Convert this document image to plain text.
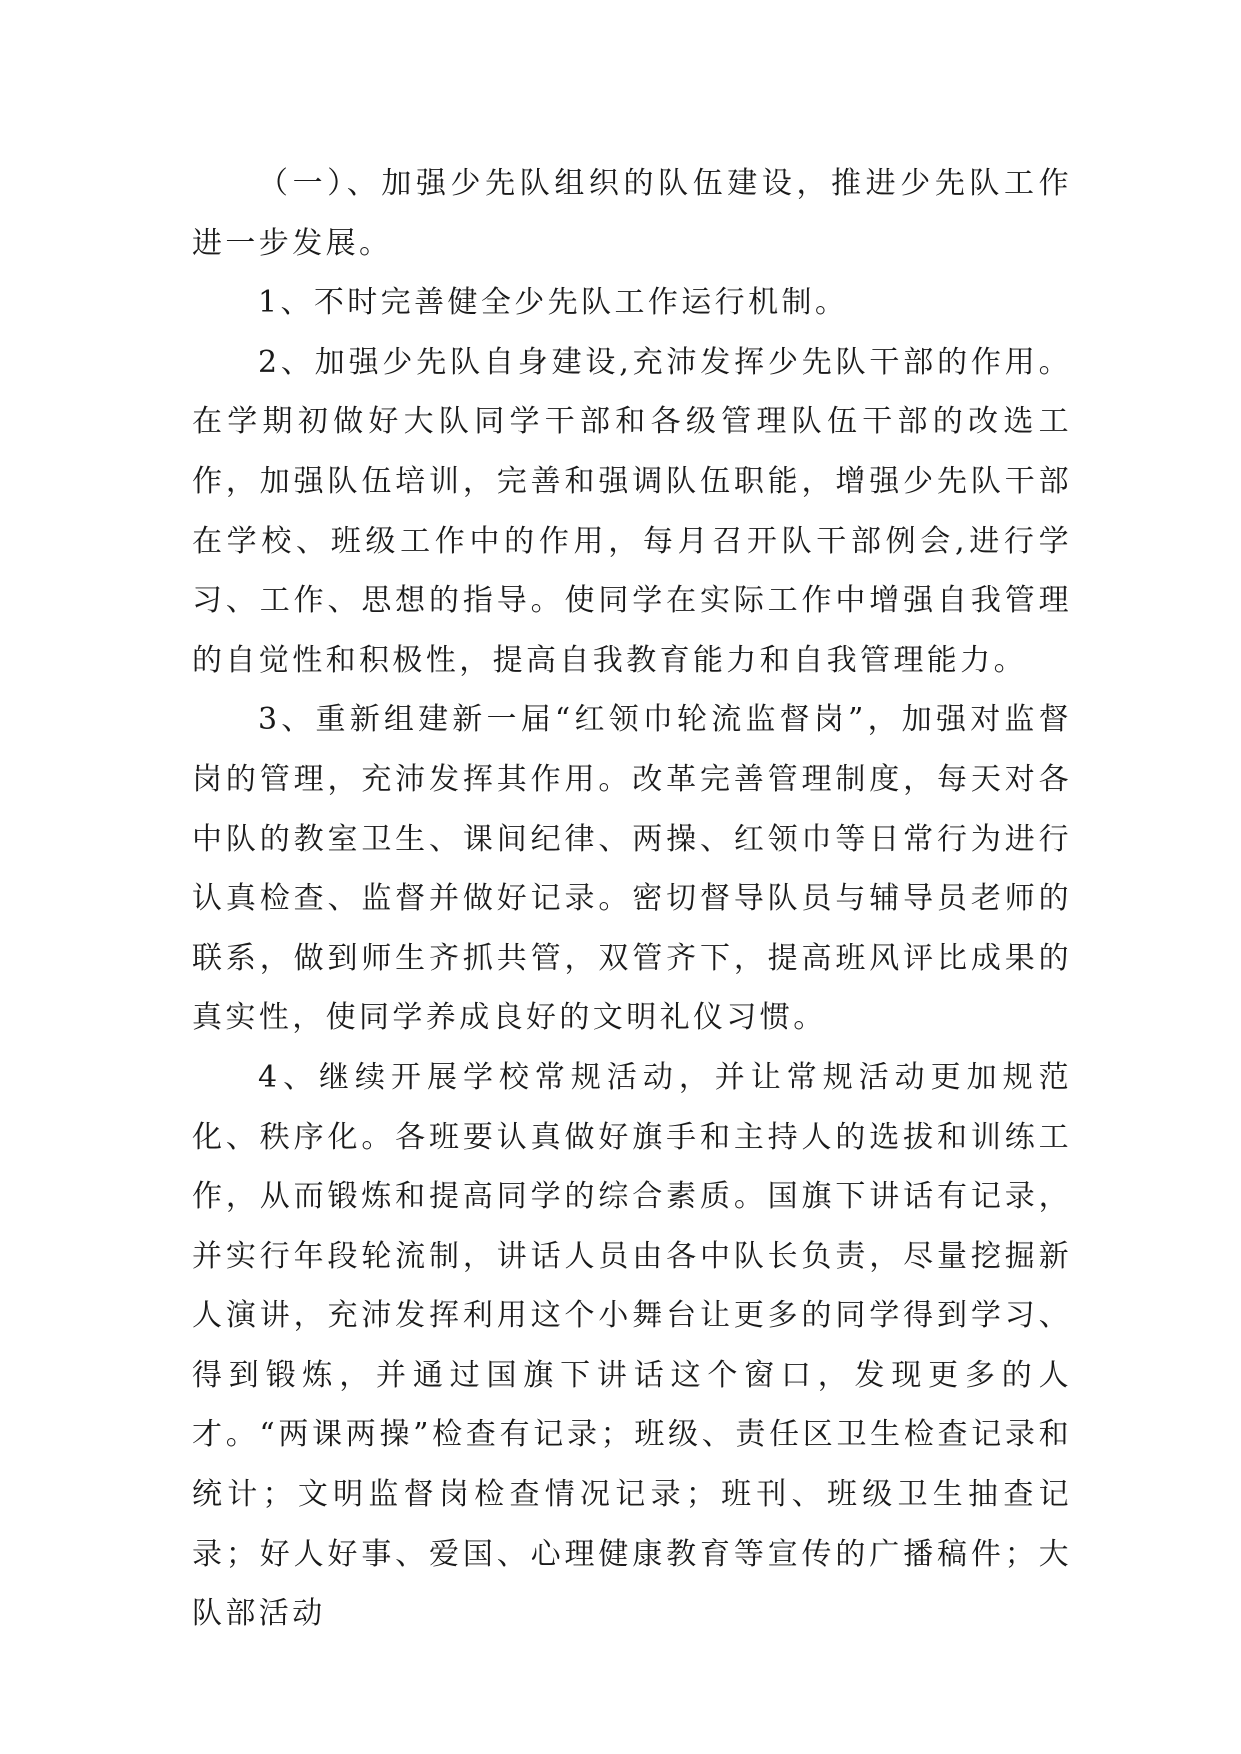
（一）、加强少先队组织的队伍建设，推进少先队工作进一步发展。

1、不时完善健全少先队工作运行机制。

2、加强少先队自身建设,充沛发挥少先队干部的作用。在学期初做好大队同学干部和各级管理队伍干部的改选工作，加强队伍培训，完善和强调队伍职能，增强少先队干部在学校、班级工作中的作用，每月召开队干部例会,进行学习、工作、思想的指导。使同学在实际工作中增强自我管理的自觉性和积极性，提高自我教育能力和自我管理能力。

3、重新组建新一届“红领巾轮流监督岗”，加强对监督岗的管理，充沛发挥其作用。改革完善管理制度，每天对各中队的教室卫生、课间纪律、两操、红领巾等日常行为进行认真检查、监督并做好记录。密切督导队员与辅导员老师的联系，做到师生齐抓共管，双管齐下，提高班风评比成果的真实性，使同学养成良好的文明礼仪习惯。

4、继续开展学校常规活动，并让常规活动更加规范化、秩序化。各班要认真做好旗手和主持人的选拔和训练工作，从而锻炼和提高同学的综合素质。国旗下讲话有记录，并实行年段轮流制，讲话人员由各中队长负责，尽量挖掘新人演讲，充沛发挥利用这个小舞台让更多的同学得到学习、得到锻炼，并通过国旗下讲话这个窗口，发现更多的人才。“两课两操”检查有记录；班级、责任区卫生检查记录和统计；文明监督岗检查情况记录；班刊、班级卫生抽查记录；好人好事、爱国、心理健康教育等宣传的广播稿件；大队部活动
